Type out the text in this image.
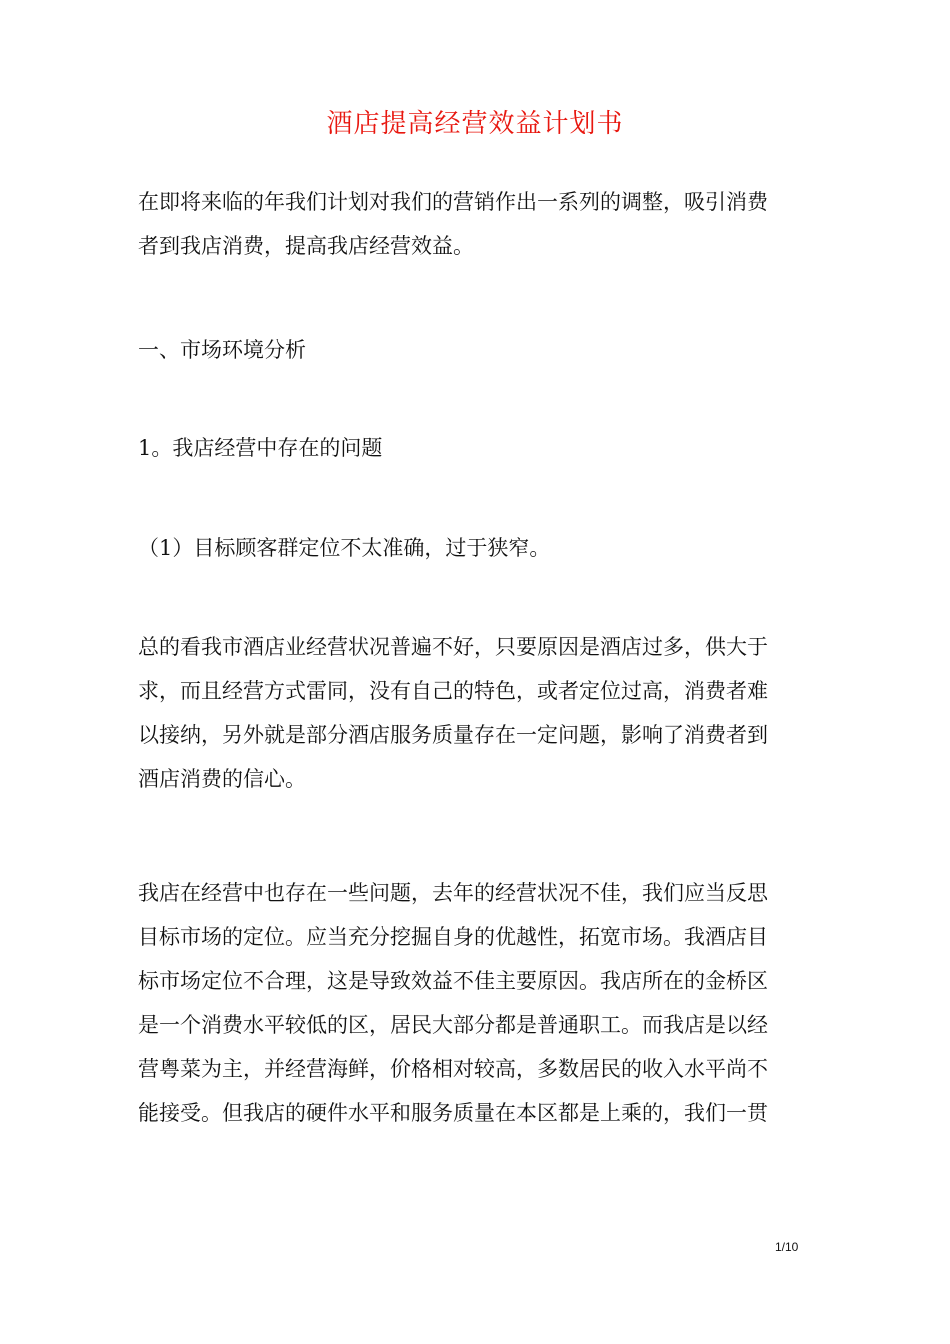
酒店提高经营效益计划书

在即将来临的年我们计划对我们的营销作出一系列的调整，吸引消费
者到我店消费，提高我店经营效益。

一、市场环境分析
1。我店经营中存在的问题
（1）目标顾客群定位不太准确，过于狭窄。

总的看我市酒店业经营状况普遍不好，只要原因是酒店过多，供大于
求，而且经营方式雷同，没有自己的特色，或者定位过高，消费者难
以接纳，另外就是部分酒店服务质量存在一定问题，影响了消费者到
酒店消费的信心。

我店在经营中也存在一些问题，去年的经营状况不佳，我们应当反思
目标市场的定位。应当充分挖掘自身的优越性，拓宽市场。我酒店目
标市场定位不合理，这是导致效益不佳主要原因。我店所在的金桥区
是一个消费水平较低的区，居民大部分都是普通职工。而我店是以经
营粤菜为主，并经营海鲜，价格相对较高，多数居民的收入水平尚不
能接受。但我店的硬件水平和服务质量在本区都是上乘的，我们一贯

1/10
